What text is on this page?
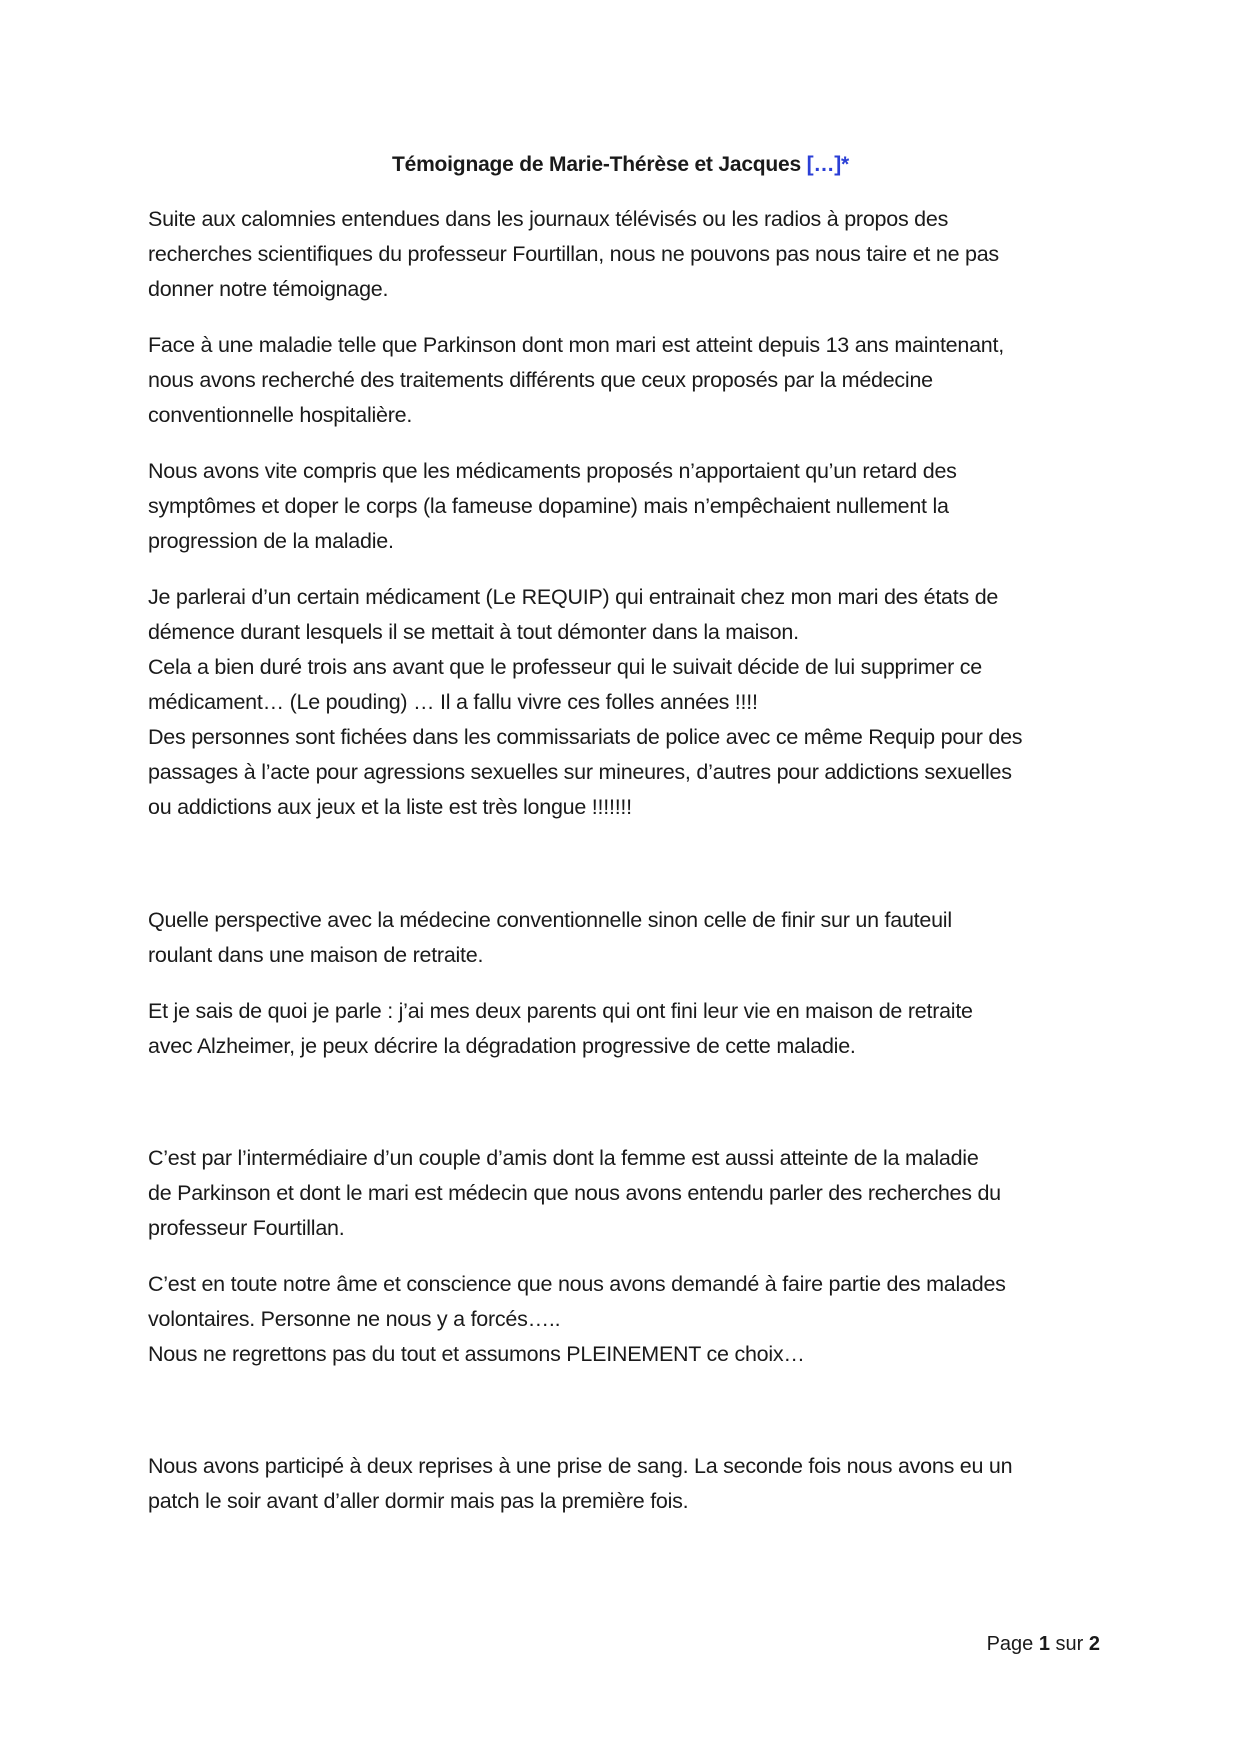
Témoignage de Marie-Thérèse et Jacques […]*
Suite aux calomnies entendues dans les journaux télévisés ou les radios à propos des
recherches scientifiques du professeur Fourtillan, nous ne pouvons pas nous taire et ne pas
donner notre témoignage.
Face à une maladie telle que Parkinson dont mon mari est atteint depuis 13 ans maintenant,
nous avons recherché des traitements différents que ceux proposés par la médecine
conventionnelle hospitalière.
Nous avons vite compris que les médicaments proposés n’apportaient qu’un retard des
symptômes et doper le corps (la fameuse dopamine) mais n’empêchaient nullement la
progression de la maladie.
Je parlerai d’un certain médicament (Le REQUIP) qui entrainait chez mon mari des états de
démence durant lesquels il se mettait à tout démonter dans la maison.
Cela a bien duré trois ans avant que le professeur qui le suivait décide de lui supprimer ce
médicament… (Le pouding) … Il a fallu vivre ces folles années !!!!
Des personnes sont fichées dans les commissariats de police avec ce même Requip pour des
passages à l’acte pour agressions sexuelles sur mineures, d’autres pour addictions sexuelles
ou addictions aux jeux et la liste est très longue !!!!!!!
Quelle perspective avec la médecine conventionnelle sinon celle de finir sur un fauteuil
roulant dans une maison de retraite.
Et je sais de quoi je parle : j’ai mes deux parents qui ont fini leur vie en maison de retraite
avec Alzheimer, je peux décrire la dégradation progressive de cette maladie.
C’est par l’intermédiaire d’un couple d’amis dont la femme est aussi atteinte de la maladie
de Parkinson et dont le mari est médecin que nous avons entendu parler des recherches du
professeur Fourtillan.
C’est en toute notre âme et conscience que nous avons demandé à faire partie des malades
volontaires. Personne ne nous y a forcés…..
Nous ne regrettons pas du tout et assumons PLEINEMENT ce choix…
Nous avons participé à deux reprises à une prise de sang. La seconde fois nous avons eu un
patch le soir avant d’aller dormir mais pas la première fois.
Page 1 sur 2
